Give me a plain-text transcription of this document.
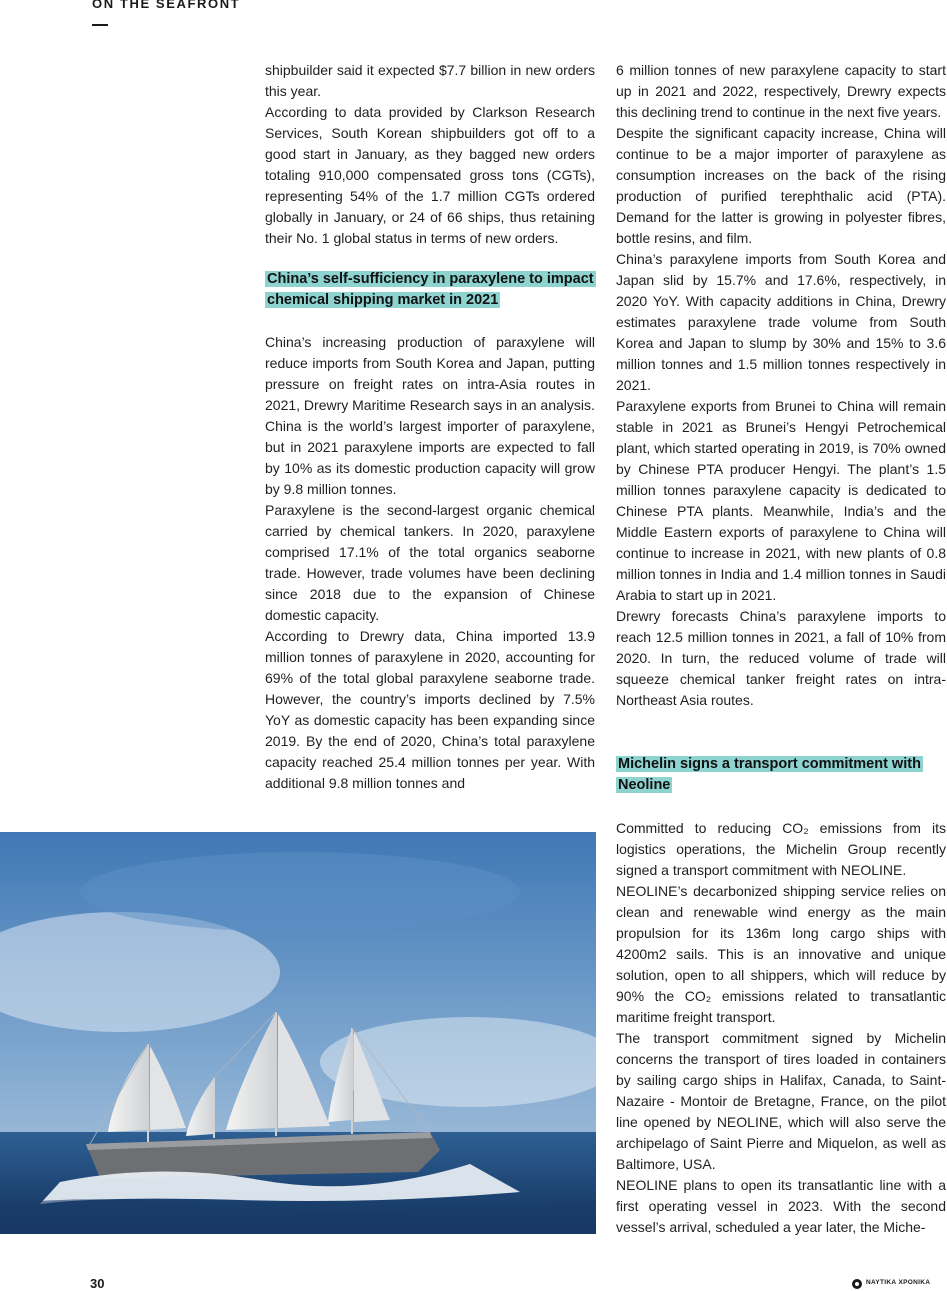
ON THE SEAFRONT

shipbuilder said it expected $7.7 billion in new orders this year.

According to data provided by Clarkson Research Services, South Korean shipbuilders got off to a good start in January, as they bagged new orders totaling 910,000 compensated gross tons (CGTs), representing 54% of the 1.7 million CGTs ordered globally in January, or 24 of 66 ships, thus retaining their No. 1 global status in terms of new orders.

China’s self-sufficiency in paraxylene to impact chemical shipping market in 2021

China’s increasing production of paraxylene will reduce imports from South Korea and Japan, putting pressure on freight rates on intra-Asia routes in 2021, Drewry Maritime Research says in an analysis.

China is the world’s largest importer of paraxylene, but in 2021 paraxylene imports are expected to fall by 10% as its domestic production capacity will grow by 9.8 million tonnes.

Paraxylene is the second-largest organic chemical carried by chemical tankers. In 2020, paraxylene comprised 17.1% of the total organics seaborne trade. However, trade volumes have been declining since 2018 due to the expansion of Chinese domestic capacity.

According to Drewry data, China imported 13.9 million tonnes of paraxylene in 2020, accounting for 69% of the total global paraxylene seaborne trade. However, the country’s imports declined by 7.5% YoY as domestic capacity has been expanding since 2019. By the end of 2020, China’s total paraxylene capacity reached 25.4 million tonnes per year. With additional 9.8 million tonnes and

6 million tonnes of new paraxylene capacity to start up in 2021 and 2022, respectively, Drewry expects this declining trend to continue in the next five years.

Despite the significant capacity increase, China will continue to be a major importer of paraxylene as consumption increases on the back of the rising production of purified terephthalic acid (PTA). Demand for the latter is growing in polyester fibres, bottle resins, and film.

China’s paraxylene imports from South Korea and Japan slid by 15.7% and 17.6%, respectively, in 2020 YoY. With capacity additions in China, Drewry estimates paraxylene trade volume from South Korea and Japan to slump by 30% and 15% to 3.6 million tonnes and 1.5 million tonnes respectively in 2021.

Paraxylene exports from Brunei to China will remain stable in 2021 as Brunei’s Hengyi Petrochemical plant, which started operating in 2019, is 70% owned by Chinese PTA producer Hengyi. The plant’s 1.5 million tonnes paraxylene capacity is dedicated to Chinese PTA plants. Meanwhile, India’s and the Middle Eastern exports of paraxylene to China will continue to increase in 2021, with new plants of 0.8 million tonnes in India and 1.4 million tonnes in Saudi Arabia to start up in 2021.

Drewry forecasts China’s paraxylene imports to reach 12.5 million tonnes in 2021, a fall of 10% from 2020. In turn, the reduced volume of trade will squeeze chemical tanker freight rates on intra-Northeast Asia routes.

Michelin signs a transport commitment with Neoline

Committed to reducing CO₂ emissions from its logistics operations, the Michelin Group recently signed a transport commitment with NEOLINE.

NEOLINE’s decarbonized shipping service relies on clean and renewable wind energy as the main propulsion for its 136m long cargo ships with 4200m2 sails. This is an innovative and unique solution, open to all shippers, which will reduce by 90% the CO₂ emissions related to transatlantic maritime freight transport.

The transport commitment signed by Michelin concerns the transport of tires loaded in containers by sailing cargo ships in Halifax, Canada, to Saint-Nazaire - Montoir de Bretagne, France, on the pilot line opened by NEOLINE, which will also serve the archipelago of Saint Pierre and Miquelon, as well as Baltimore, USA.

NEOLINE plans to open its transatlantic line with a first operating vessel in 2023. With the second vessel’s arrival, scheduled a year later, the Miche-

30	ΝΑΥΤΙΚΑ ΧΡΟΝΙΚΑ
